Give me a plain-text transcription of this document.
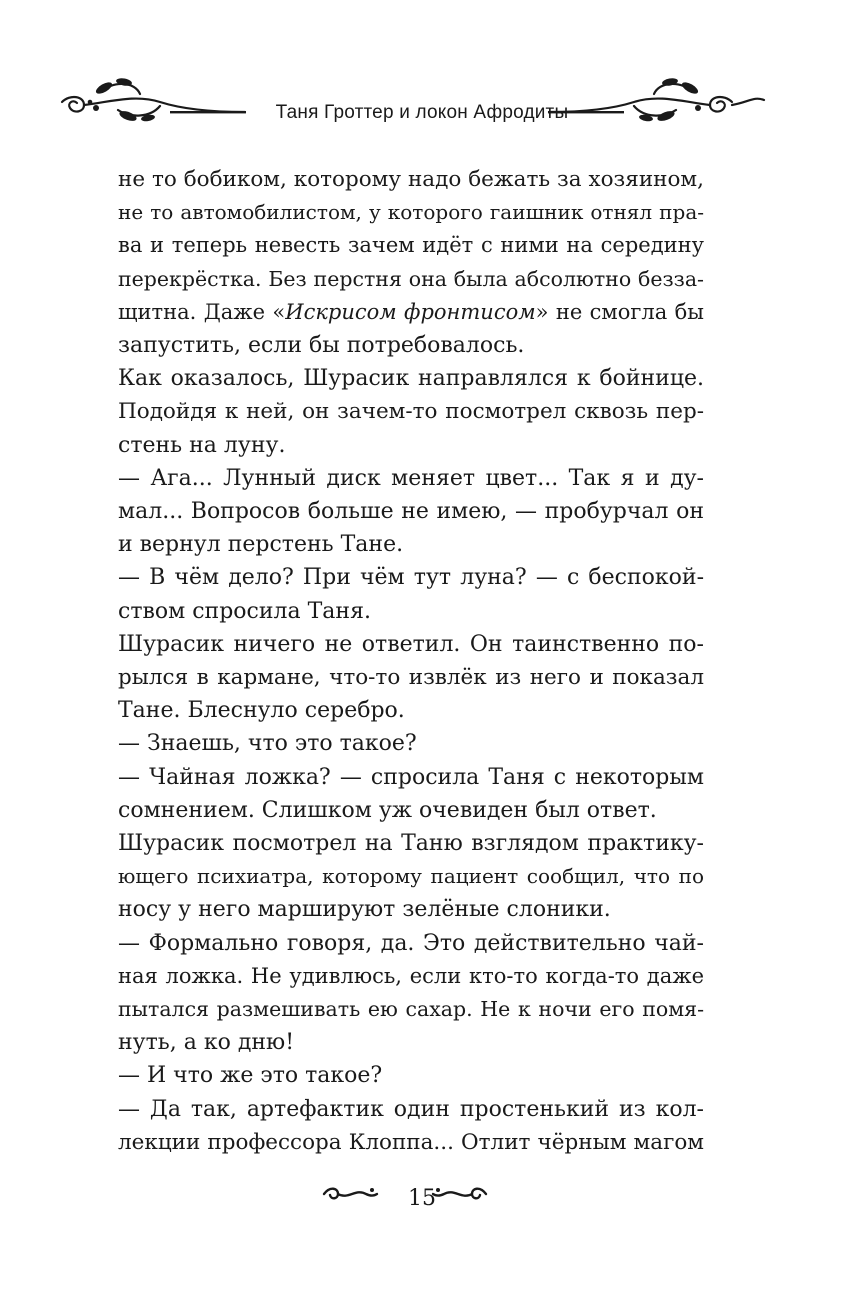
Таня Гроттер и локон Афродиты
не то бобиком, которому надо бежать за хозяином,
не то автомобилистом, у которого гаишник отнял пра-
ва и теперь невесть зачем идёт с ними на середину
перекрёстка. Без перстня она была абсолютно безза-
щитна. Даже «Искрисом фронтисом» не смогла бы
запустить, если бы потребовалось.
Как оказалось, Шурасик направлялся к бойнице.
Подойдя к ней, он зачем-то посмотрел сквозь пер-
стень на луну.
— Ага... Лунный диск меняет цвет... Так я и ду-
мал... Вопросов больше не имею, — пробурчал он
и вернул перстень Тане.
— В чём дело? При чём тут луна? — с беспокой-
ством спросила Таня.
Шурасик ничего не ответил. Он таинственно по-
рылся в кармане, что-то извлёк из него и показал
Тане. Блеснуло серебро.
— Знаешь, что это такое?
— Чайная ложка? — спросила Таня с некоторым
сомнением. Слишком уж очевиден был ответ.
Шурасик посмотрел на Таню взглядом практику-
ющего психиатра, которому пациент сообщил, что по
носу у него маршируют зелёные слоники.
— Формально говоря, да. Это действительно чай-
ная ложка. Не удивлюсь, если кто-то когда-то даже
пытался размешивать ею сахар. Не к ночи его помя-
нуть, а ко дню!
— И что же это такое?
— Да так, артефактик один простенький из кол-
лекции профессора Клоппа... Отлит чёрным магом
15
